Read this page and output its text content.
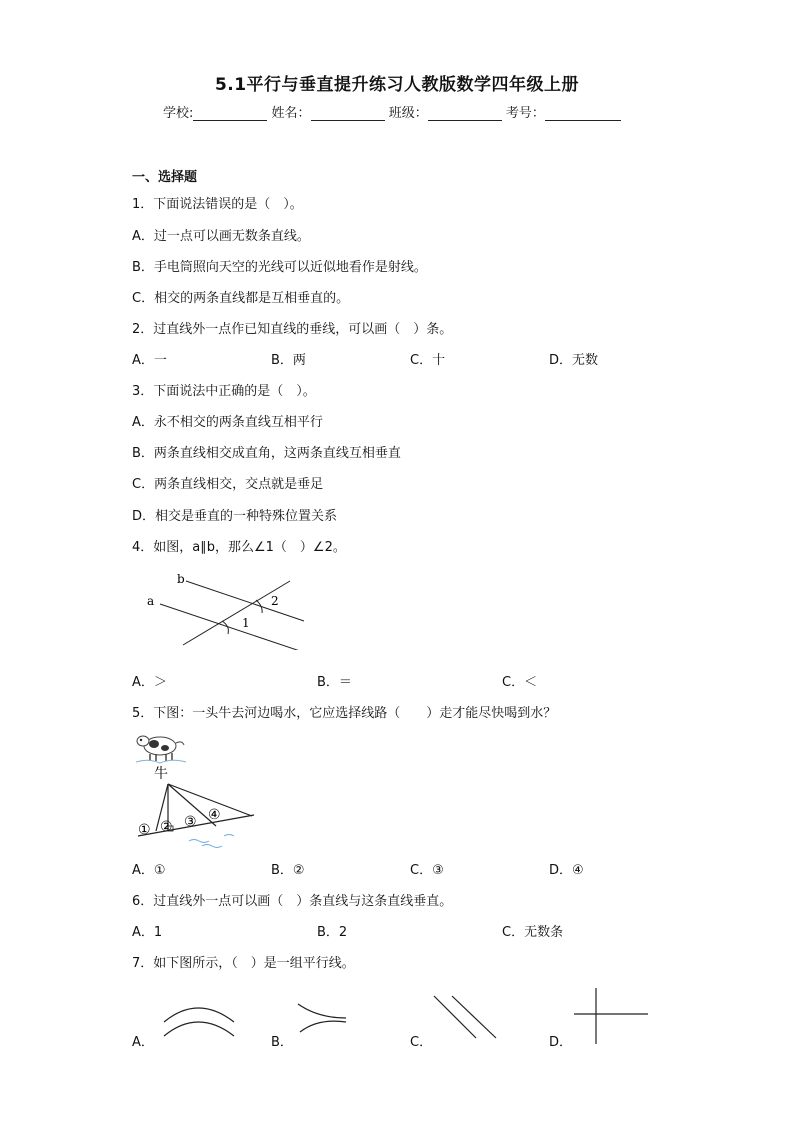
5.1平行与垂直提升练习人教版数学四年级上册
学校:	姓名：	班级：	考号：
一、选择题
1．下面说法错误的是（　）。
A．过一点可以画无数条直线。
B．手电筒照向天空的光线可以近似地看作是射线。
C．相交的两条直线都是互相垂直的。
2．过直线外一点作已知直线的垂线，可以画（　）条。
A．一	B．两	C．十	D．无数
3．下面说法中正确的是（　）。
A．永不相交的两条直线互相平行
B．两条直线相交成直角，这两条直线互相垂直
C．两条直线相交，交点就是垂足
D．相交是垂直的一种特殊位置关系
4．如图，a∥b，那么∠1（　）∠2。
b
a	2
1
A．＞	B．＝	C．＜
5．下图：一头牛去河边喝水，它应选择线路（　　）走才能尽快喝到水？
牛
① ② ③ ④
A．①	B．②	C．③	D．④
6．过直线外一点可以画（　）条直线与这条直线垂直。
A．1	B．2	C．无数条
7．如下图所示，（　）是一组平行线。
A．	B．	C．	D．
